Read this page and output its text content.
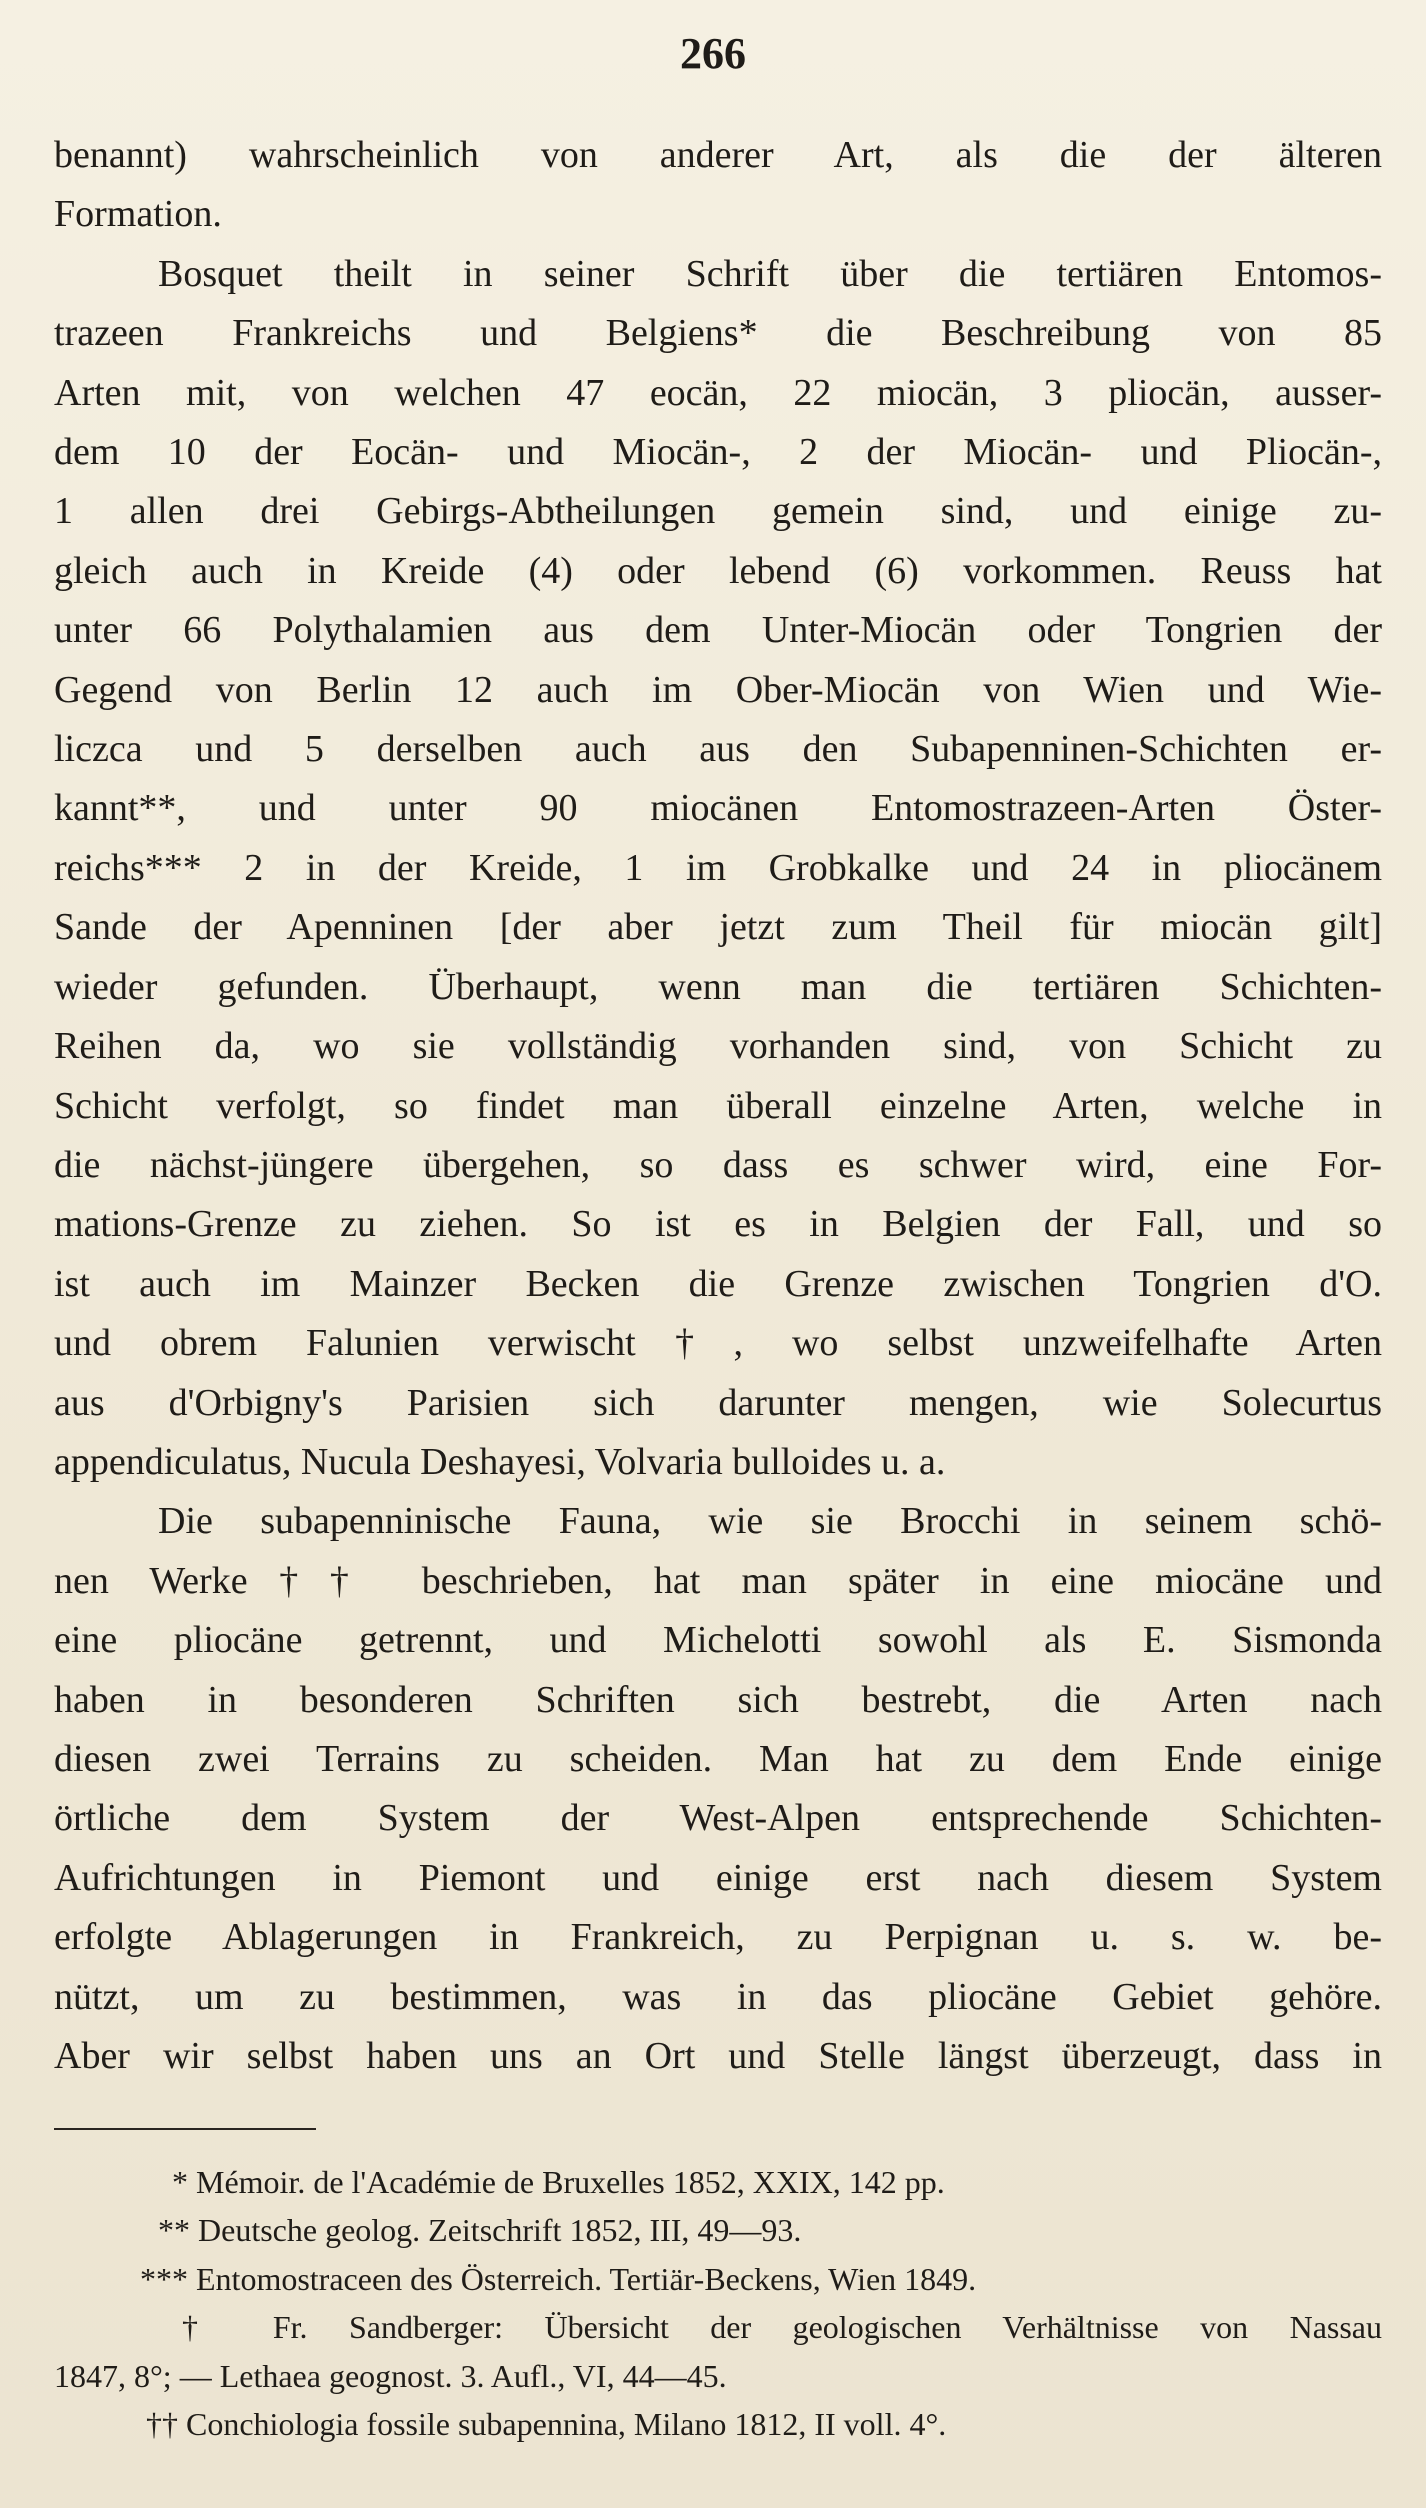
266
benannt) wahrscheinlich von anderer Art, als die der älteren
Formation.
Bosquet theilt in seiner Schrift über die tertiären Entomos-
trazeen Frankreichs und Belgiens* die Beschreibung von 85
Arten mit, von welchen 47 eocän, 22 miocän, 3 pliocän, ausser-
dem 10 der Eocän- und Miocän-, 2 der Miocän- und Pliocän-,
1 allen drei Gebirgs-Abtheilungen gemein sind, und einige zu-
gleich auch in Kreide (4) oder lebend (6) vorkommen. Reuss hat
unter 66 Polythalamien aus dem Unter-Miocän oder Tongrien der
Gegend von Berlin 12 auch im Ober-Miocän von Wien und Wie-
liczca und 5 derselben auch aus den Subapenninen-Schichten er-
kannt**, und unter 90 miocänen Entomostrazeen-Arten Öster-
reichs*** 2 in der Kreide, 1 im Grobkalke und 24 in pliocänem
Sande der Apenninen [der aber jetzt zum Theil für miocän gilt]
wieder gefunden. Überhaupt, wenn man die tertiären Schichten-
Reihen da, wo sie vollständig vorhanden sind, von Schicht zu
Schicht verfolgt, so findet man überall einzelne Arten, welche in
die nächst-jüngere übergehen, so dass es schwer wird, eine For-
mations-Grenze zu ziehen. So ist es in Belgien der Fall, und so
ist auch im Mainzer Becken die Grenze zwischen Tongrien d'O.
und obrem Falunien verwischt†, wo selbst unzweifelhafte Arten
aus d'Orbigny's Parisien sich darunter mengen, wie Solecurtus
appendiculatus, Nucula Deshayesi, Volvaria bulloides u. a.
Die subapenninische Fauna, wie sie Brocchi in seinem schö-
nen Werke†† beschrieben, hat man später in eine miocäne und
eine pliocäne getrennt, und Michelotti sowohl als E. Sismonda
haben in besonderen Schriften sich bestrebt, die Arten nach
diesen zwei Terrains zu scheiden. Man hat zu dem Ende einige
örtliche dem System der West-Alpen entsprechende Schichten-
Aufrichtungen in Piemont und einige erst nach diesem System
erfolgte Ablagerungen in Frankreich, zu Perpignan u. s. w. be-
nützt, um zu bestimmen, was in das pliocäne Gebiet gehöre.
Aber wir selbst haben uns an Ort und Stelle längst überzeugt, dass in
* Mémoir. de l'Académie de Bruxelles 1852, XXIX, 142 pp.
** Deutsche geolog. Zeitschrift 1852, III, 49—93.
*** Entomostraceen des Österreich. Tertiär-Beckens, Wien 1849.
† Fr. Sandberger: Übersicht der geologischen Verhältnisse von Nassau
1847, 8°; — Lethaea geognost. 3. Aufl., VI, 44—45.
†† Conchiologia fossile subapennina, Milano 1812, II voll. 4°.
